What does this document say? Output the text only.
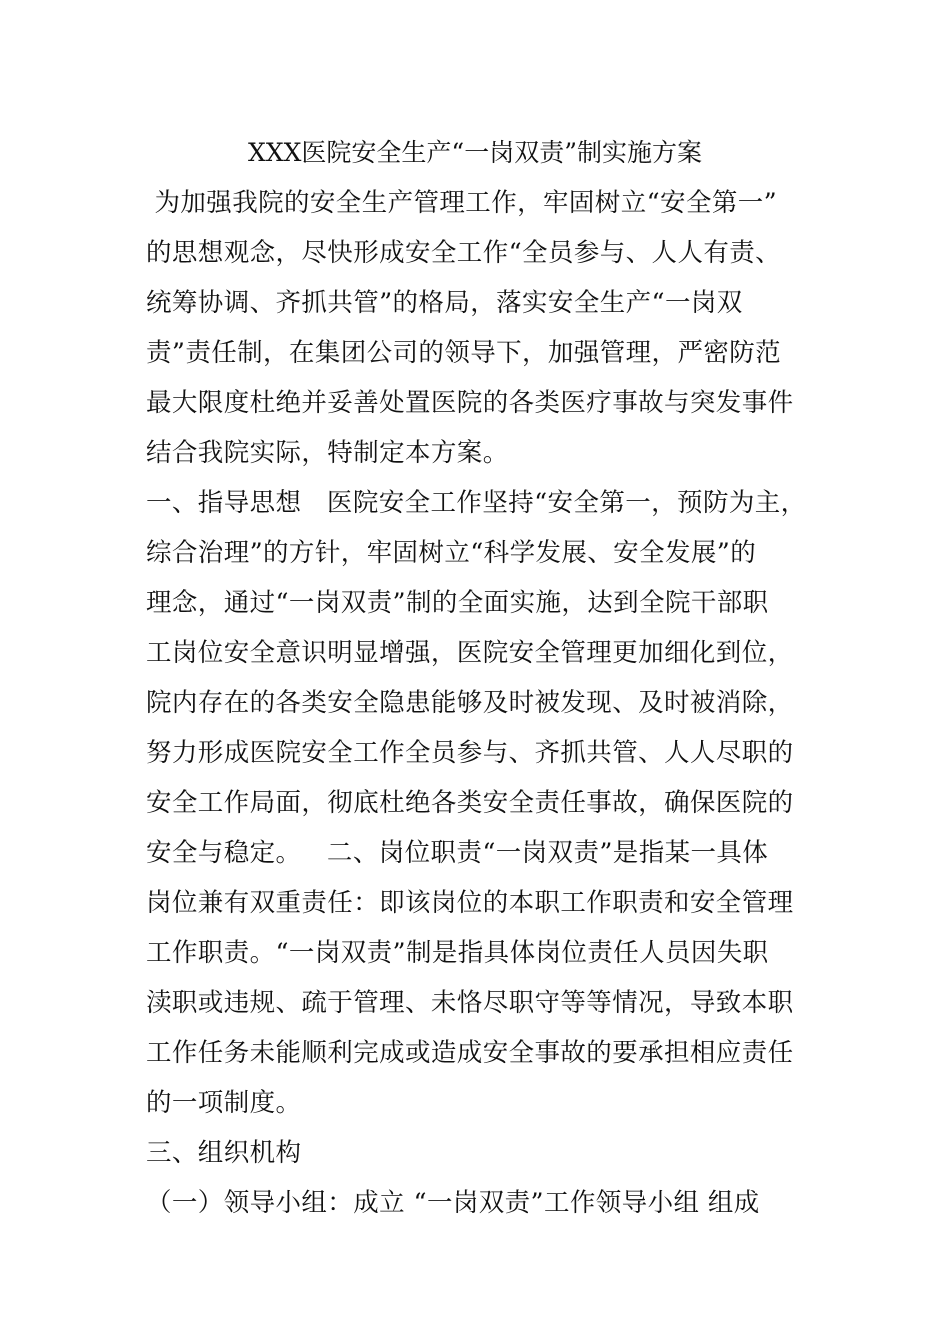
XXX医院安全生产“一岗双责”制实施方案
为加强我院的安全生产管理工作，牢固树立“安全第一”
的思想观念，尽快形成安全工作“全员参与、人人有责、
统筹协调、齐抓共管”的格局，落实安全生产“一岗双
责”责任制，在集团公司的领导下，加强管理，严密防范
最大限度杜绝并妥善处置医院的各类医疗事故与突发事件
结合我院实际，特制定本方案。
一、指导思想   医院安全工作坚持“安全第一，预防为主，
综合治理”的方针，牢固树立“科学发展、安全发展”的
理念，通过“一岗双责”制的全面实施，达到全院干部职
工岗位安全意识明显增强，医院安全管理更加细化到位，
院内存在的各类安全隐患能够及时被发现、及时被消除，
努力形成医院安全工作全员参与、齐抓共管、人人尽职的
安全工作局面，彻底杜绝各类安全责任事故，确保医院的
安全与稳定。   二、岗位职责“一岗双责”是指某一具体
岗位兼有双重责任：即该岗位的本职工作职责和安全管理
工作职责。“一岗双责”制是指具体岗位责任人员因失职
渎职或违规、疏于管理、未恪尽职守等等情况，导致本职
工作任务未能顺利完成或造成安全事故的要承担相应责任
的一项制度。
三、组织机构
（一）领导小组：成立 “一岗双责”工作领导小组 组成
